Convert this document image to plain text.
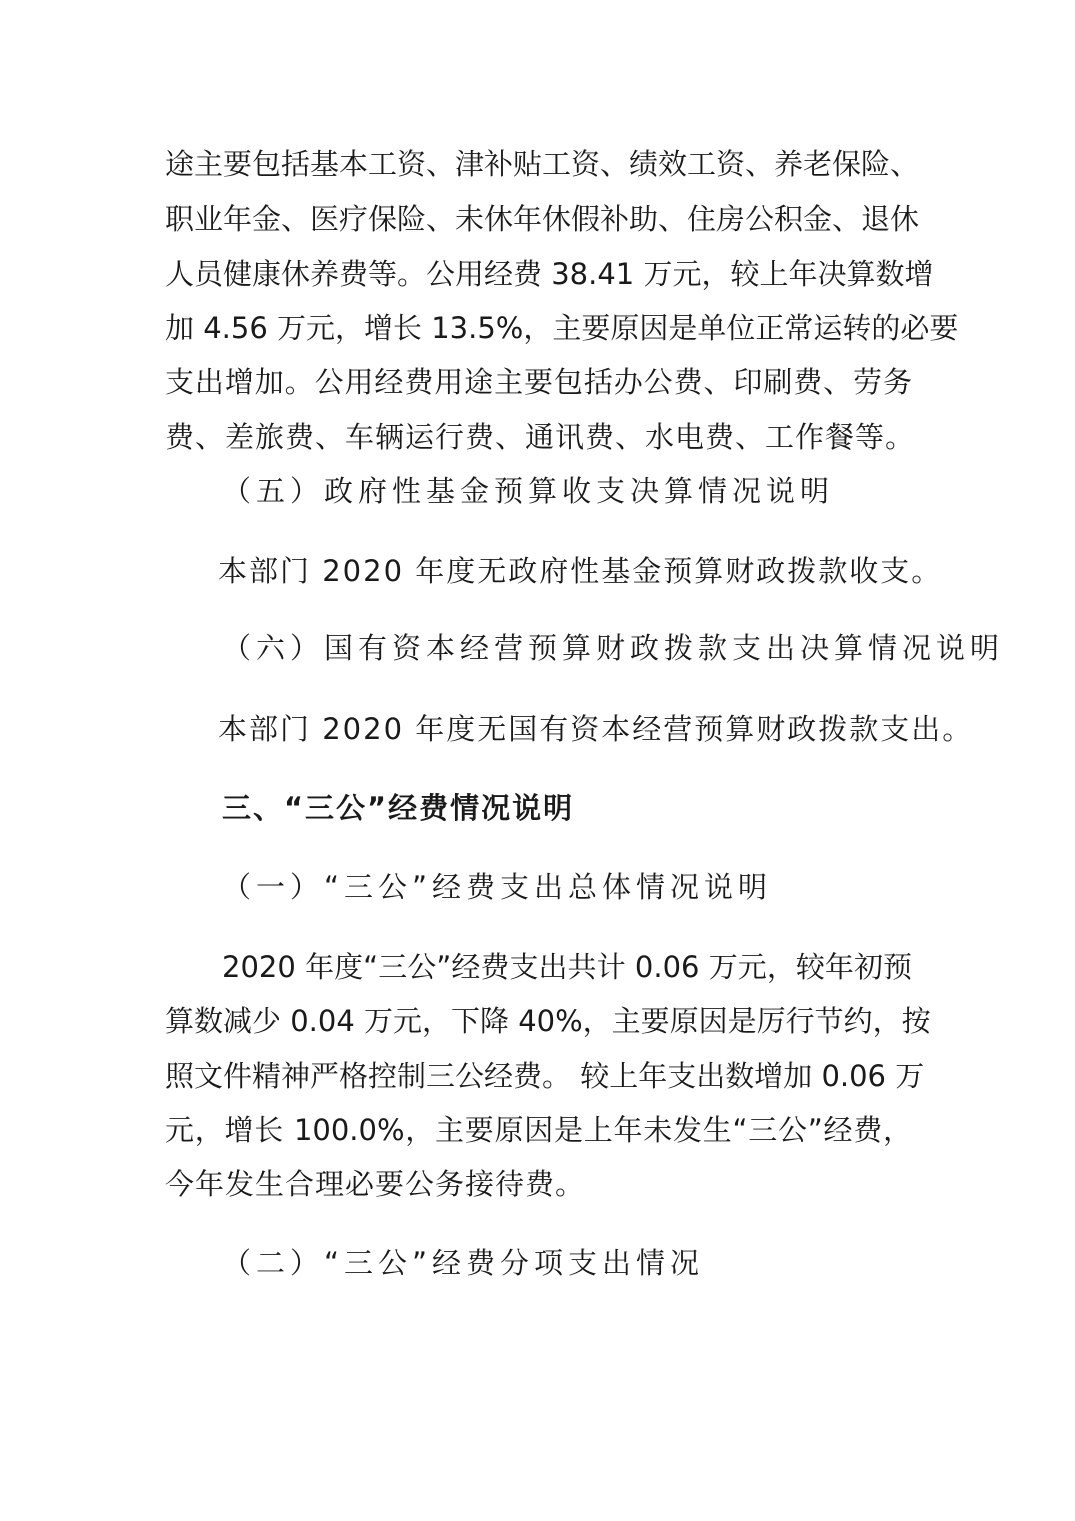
途主要包括基本工资、津补贴工资、绩效工资、养老保险、
职业年金、医疗保险、未休年休假补助、住房公积金、退休
人员健康休养费等。公用经费 38.41 万元，较上年决算数增
加 4.56 万元，增长 13.5%，主要原因是单位正常运转的必要
支出增加。公用经费用途主要包括办公费、印刷费、劳务
费、差旅费、车辆运行费、通讯费、水电费、工作餐等。
（五）政府性基金预算收支决算情况说明
本部门 2020 年度无政府性基金预算财政拨款收支。
（六）国有资本经营预算财政拨款支出决算情况说明
本部门 2020 年度无国有资本经营预算财政拨款支出。
三、“三公”经费情况说明
（一）“三公”经费支出总体情况说明
2020 年度“三公”经费支出共计 0.06 万元，较年初预
算数减少 0.04 万元，下降 40%，主要原因是厉行节约，按
照文件精神严格控制三公经费。 较上年支出数增加 0.06 万
元，增长 100.0%，主要原因是上年未发生“三公”经费，
今年发生合理必要公务接待费。
（二）“三公”经费分项支出情况
